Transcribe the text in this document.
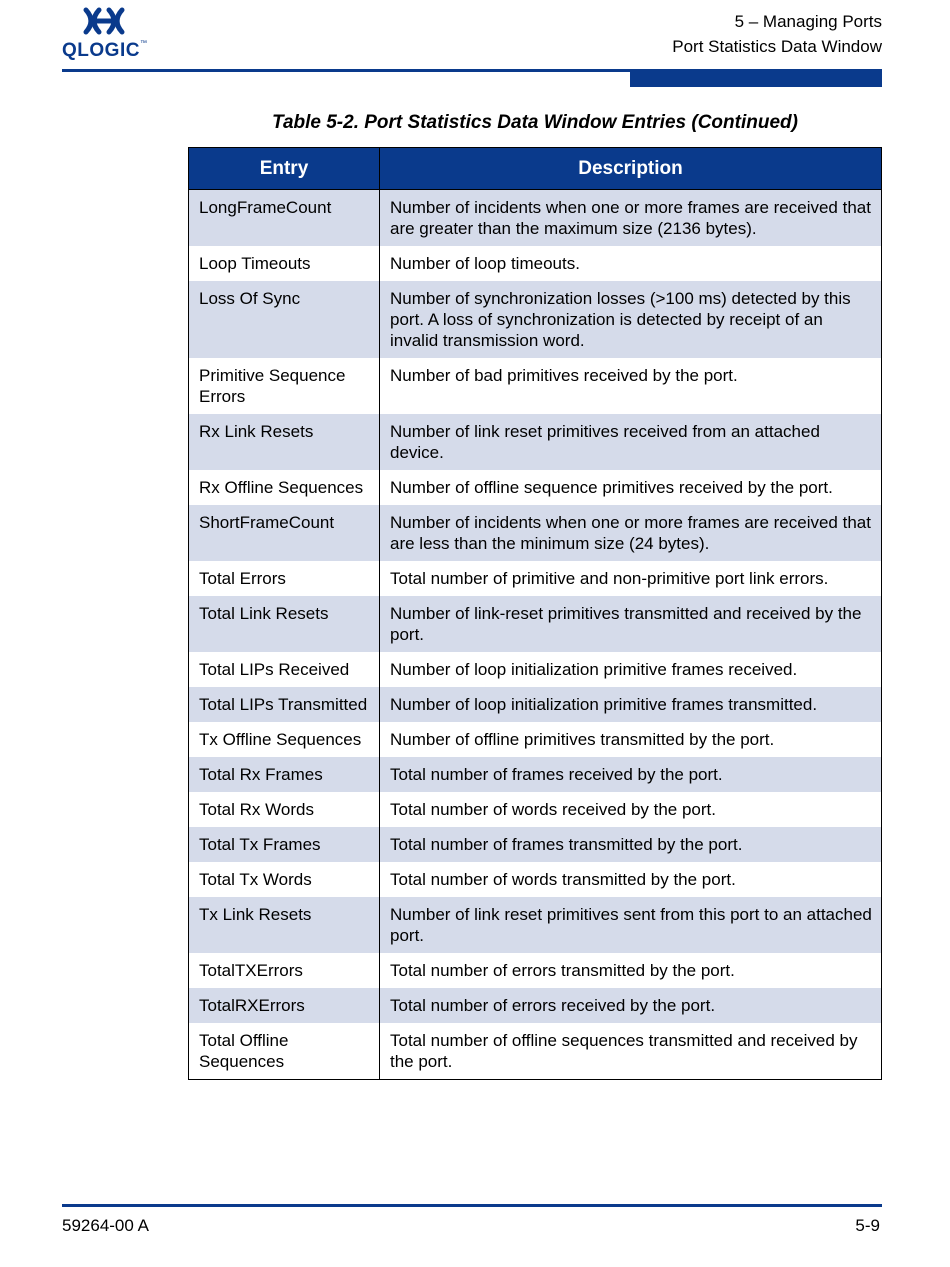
QLOGIC™
5 – Managing Ports
Port Statistics Data Window
Table 5-2. Port Statistics Data Window Entries (Continued)
Entry	Description
LongFrameCount	Number of incidents when one or more frames are received that are greater than the maximum size (2136 bytes).
Loop Timeouts	Number of loop timeouts.
Loss Of Sync	Number of synchronization losses (>100 ms) detected by this port. A loss of synchronization is detected by receipt of an invalid transmission word.
Primitive Sequence Errors	Number of bad primitives received by the port.
Rx Link Resets	Number of link reset primitives received from an attached device.
Rx Offline Sequences	Number of offline sequence primitives received by the port.
ShortFrameCount	Number of incidents when one or more frames are received that are less than the minimum size (24 bytes).
Total Errors	Total number of primitive and non-primitive port link errors.
Total Link Resets	Number of link-reset primitives transmitted and received by the port.
Total LIPs Received	Number of loop initialization primitive frames received.
Total LIPs Transmitted	Number of loop initialization primitive frames transmitted.
Tx Offline Sequences	Number of offline primitives transmitted by the port.
Total Rx Frames	Total number of frames received by the port.
Total Rx Words	Total number of words received by the port.
Total Tx Frames	Total number of frames transmitted by the port.
Total Tx Words	Total number of words transmitted by the port.
Tx Link Resets	Number of link reset primitives sent from this port to an attached port.
TotalTXErrors	Total number of errors transmitted by the port.
TotalRXErrors	Total number of errors received by the port.
Total Offline Sequences	Total number of offline sequences transmitted and received by the port.
59264-00 A	5-9
